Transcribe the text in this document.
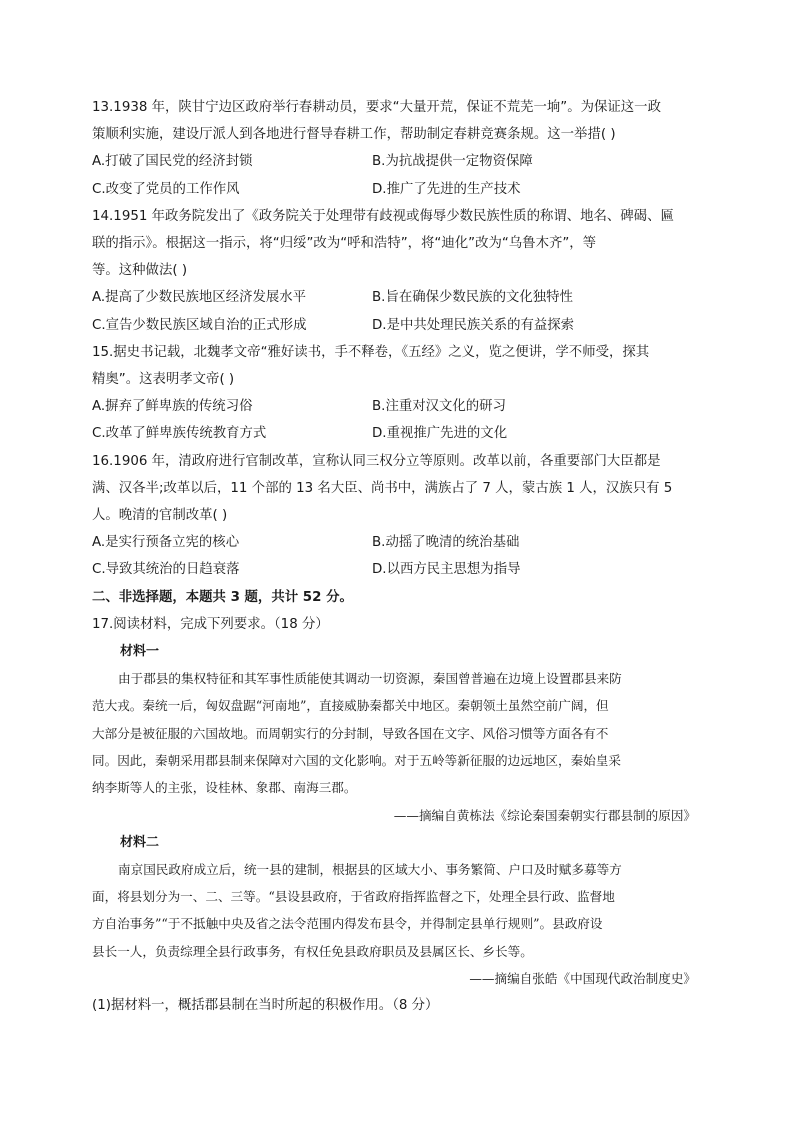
13.1938 年，陕甘宁边区政府举行春耕动员，要求“大量开荒，保证不荒芜一垧”。为保证这一政
策顺利实施，建设厅派人到各地进行督导春耕工作，帮助制定春耕竞赛条规。这一举措( )
A.打破了国民党的经济封锁	B.为抗战提供一定物资保障
C.改变了党员的工作作风	D.推广了先进的生产技术
14.1951 年政务院发出了《政务院关于处理带有歧视或侮辱少数民族性质的称谓、地名、碑碣、匾
联的指示》。根据这一指示，将“归绥”改为“呼和浩特”，将“迪化”改为“乌鲁木齐”，等
等。这种做法( )
A.提高了少数民族地区经济发展水平	B.旨在确保少数民族的文化独特性
C.宣告少数民族区域自治的正式形成	D.是中共处理民族关系的有益探索
15.据史书记载，北魏孝文帝“雅好读书，手不释卷，《五经》之义，览之便讲，学不师受，探其
精奥”。这表明孝文帝( )
A.摒弃了鲜卑族的传统习俗	B.注重对汉文化的研习
C.改革了鲜卑族传统教育方式	D.重视推广先进的文化
16.1906 年，清政府进行官制改革，宣称认同三权分立等原则。改革以前，各重要部门大臣都是
满、汉各半;改革以后，11 个部的 13 名大臣、尚书中，满族占了 7 人，蒙古族 1 人，汉族只有 5
人。晚清的官制改革( )
A.是实行预备立宪的核心	B.动摇了晚清的统治基础
C.导致其统治的日趋衰落	D.以西方民主思想为指导
二、非选择题，本题共 3 题，共计 52 分。
17.阅读材料，完成下列要求。（18 分）
材料一
由于郡县的集权特征和其军事性质能使其调动一切资源，秦国曾普遍在边境上设置郡县来防
范大戎。秦统一后，匈奴盘踞“河南地”，直接威胁秦都关中地区。秦朝领土虽然空前广阔，但
大部分是被征服的六国故地。而周朝实行的分封制，导致各国在文字、风俗习惯等方面各有不
同。因此，秦朝采用郡县制来保障对六国的文化影响。对于五岭等新征服的边远地区，秦始皇采
纳李斯等人的主张，设桂林、象郡、南海三郡。
——摘编自黄栋法《综论秦国秦朝实行郡县制的原因》
材料二
南京国民政府成立后，统一县的建制，根据县的区域大小、事务繁简、户口及时赋多募等方
面，将县划分为一、二、三等。“县设县政府，于省政府指挥监督之下，处理全县行政、监督地
方自治事务”“于不抵触中央及省之法令范围内得发布县令，并得制定县单行规则”。县政府设
县长一人，负责综理全县行政事务，有权任免县政府职员及县属区长、乡长等。
——摘编自张皓《中国现代政治制度史》
(1)据材料一，概括郡县制在当时所起的积极作用。（8 分）
